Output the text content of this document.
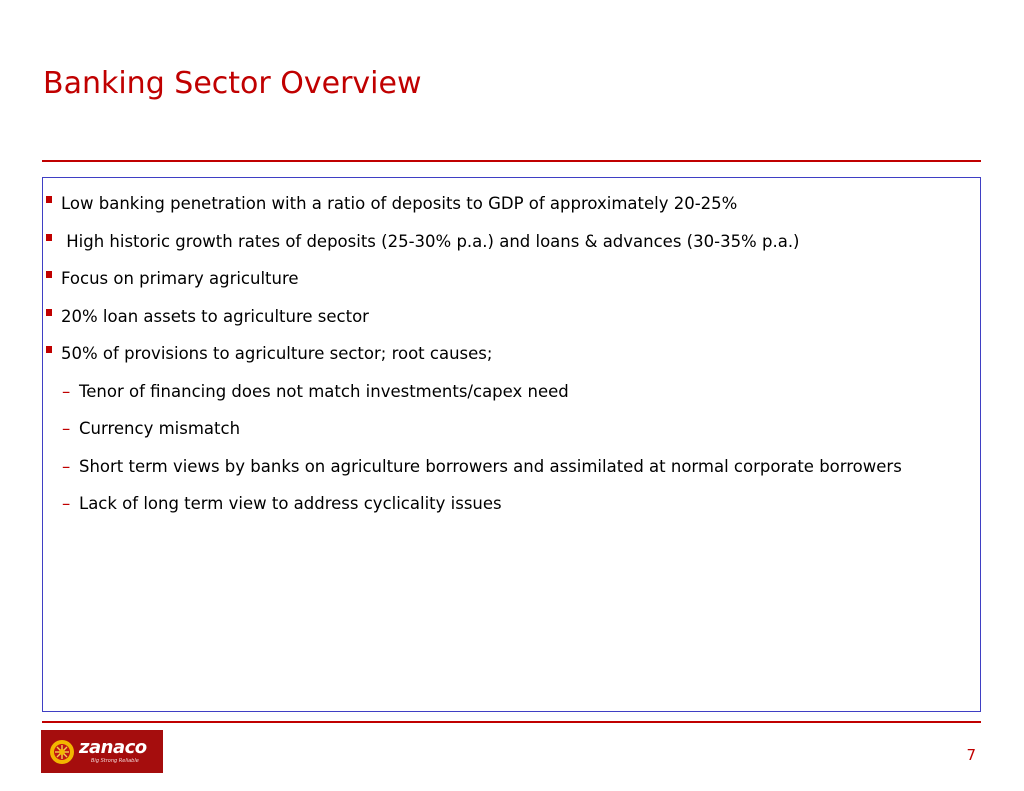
Banking Sector Overview
Low banking penetration with a ratio of deposits to GDP of approximately 20-25%
High historic growth rates of deposits (25-30% p.a.) and loans & advances (30-35% p.a.)
Focus on primary agriculture
20% loan assets to agriculture sector
50% of provisions to agriculture sector; root causes;
– Tenor of financing does not match investments/capex need
– Currency mismatch
– Short term views by banks on agriculture borrowers and assimilated at normal corporate borrowers
– Lack of long term view to address cyclicality issues
zanaco
Big Strong Reliable	7
